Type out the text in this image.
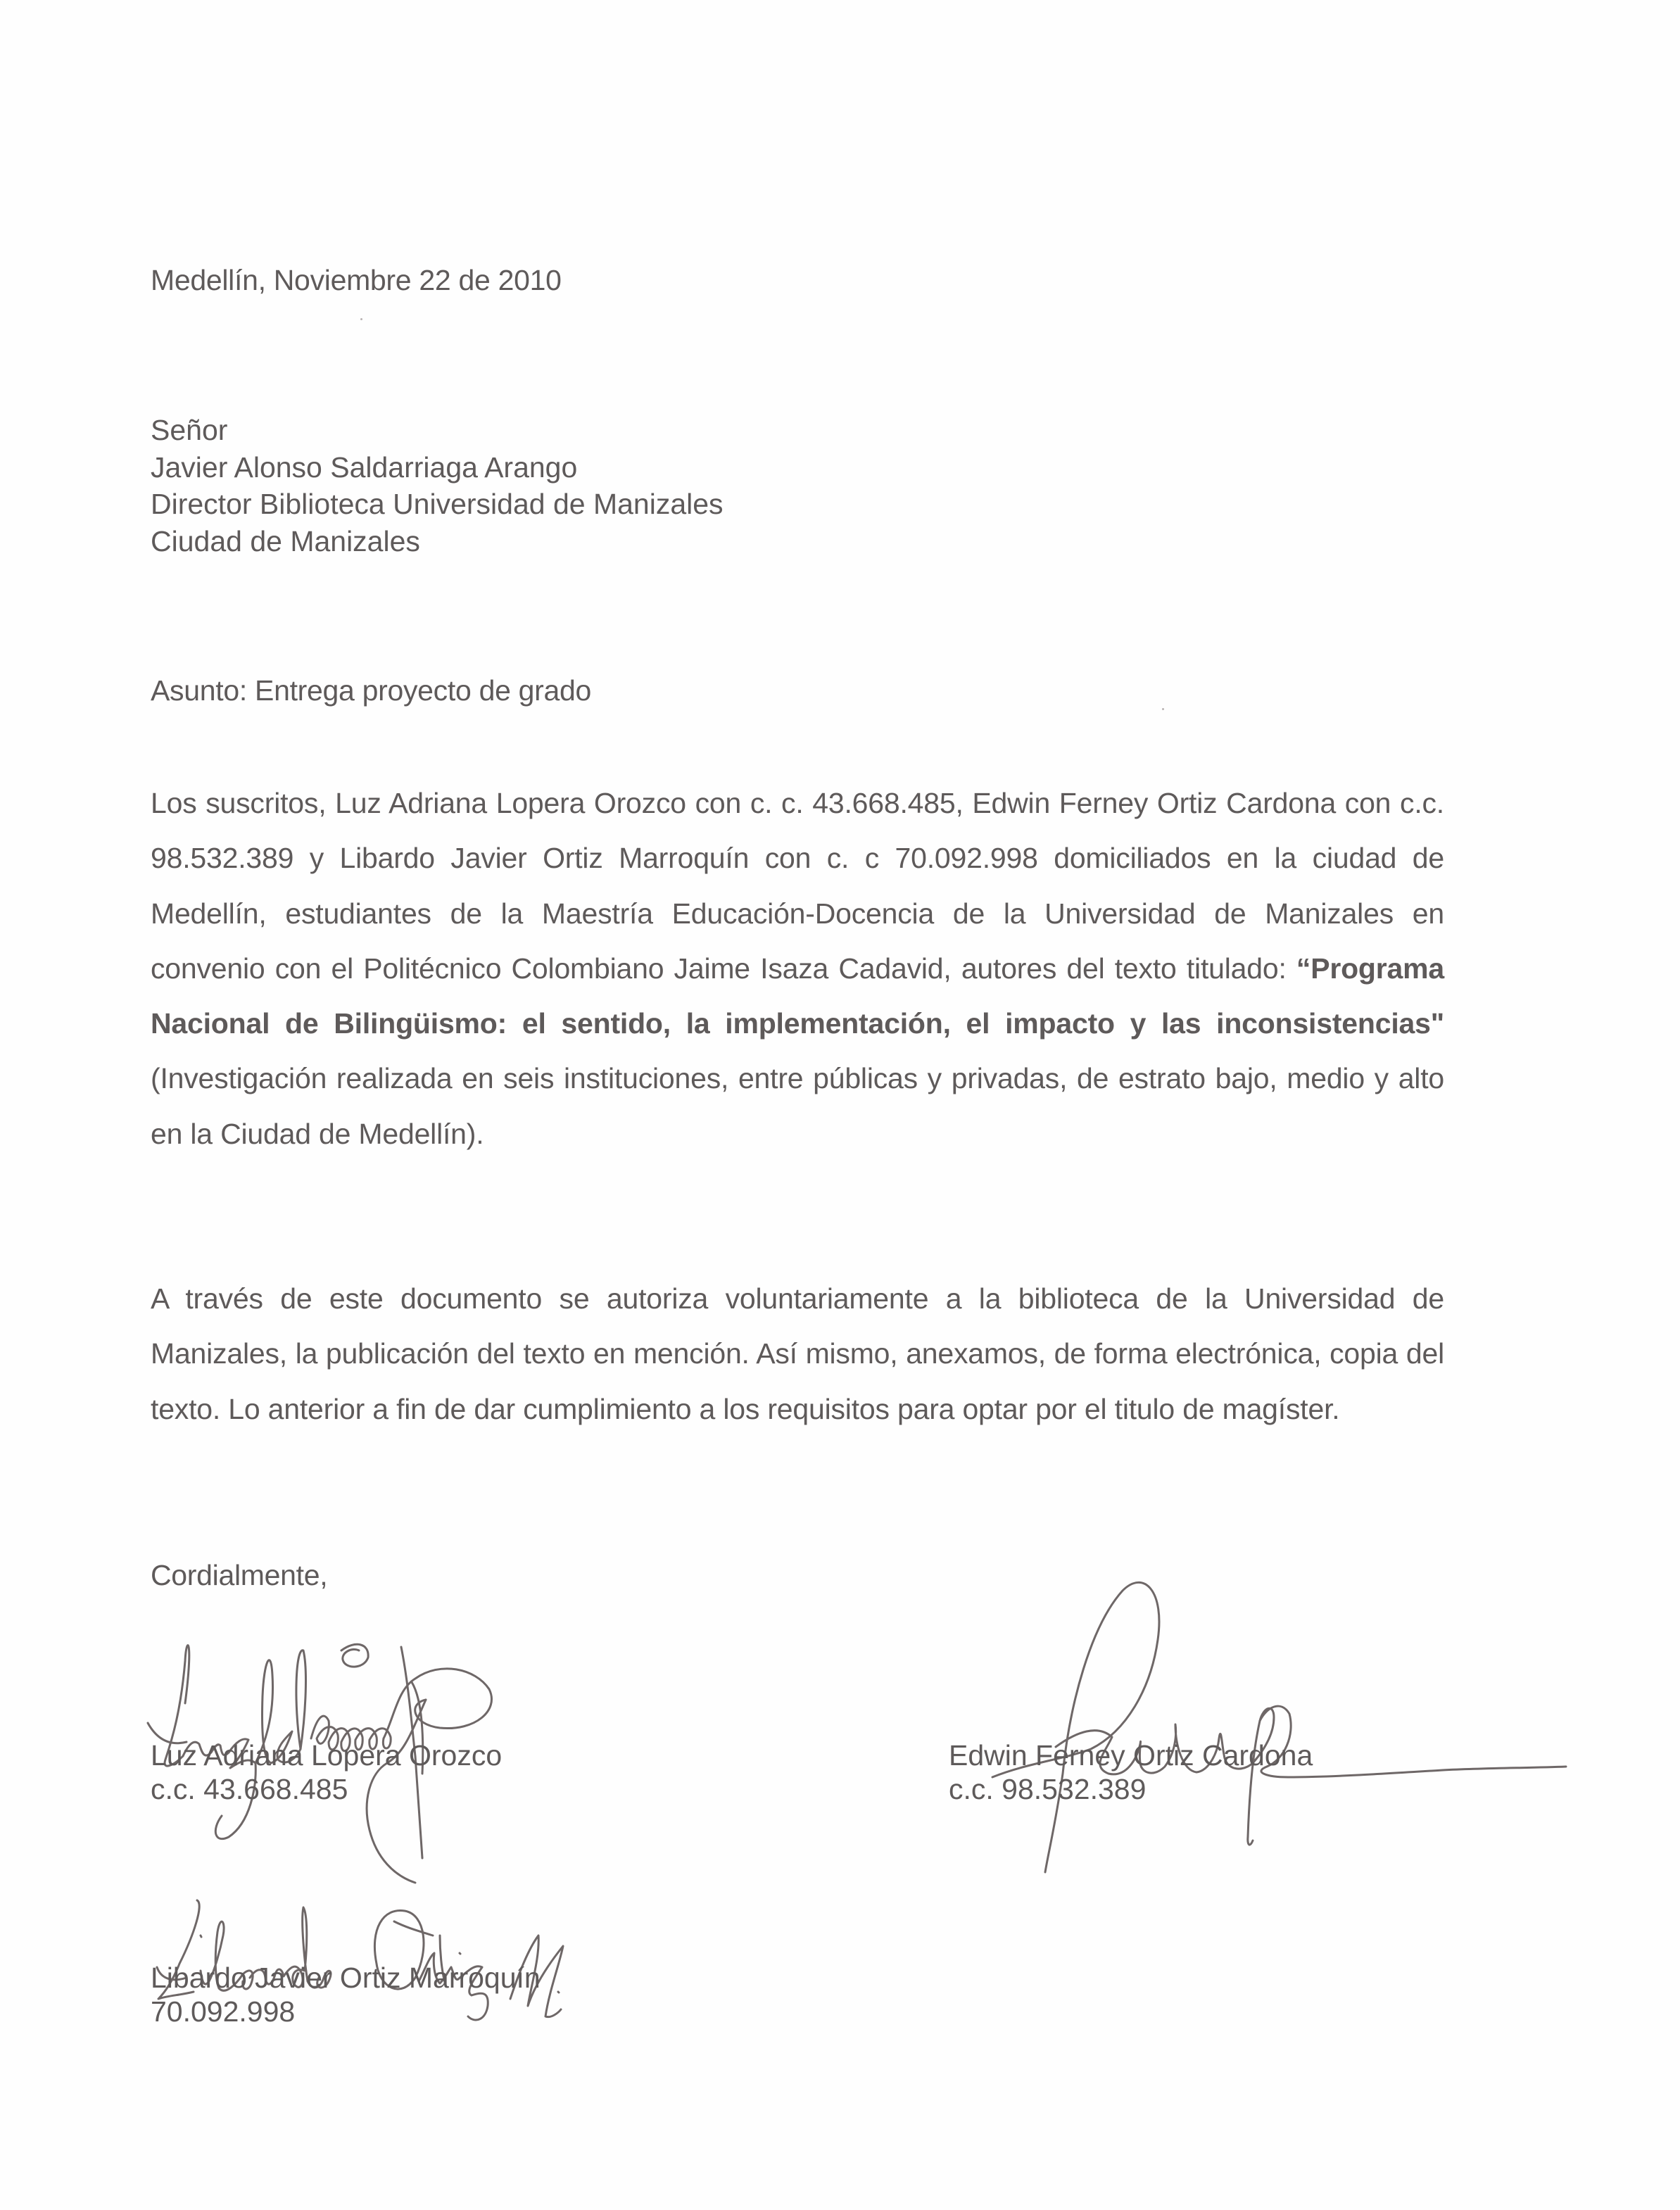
Medellín, Noviembre 22 de 2010
Señor
Javier Alonso Saldarriaga Arango
Director Biblioteca Universidad de Manizales
Ciudad de Manizales
Asunto: Entrega proyecto de grado
Los suscritos, Luz Adriana Lopera Orozco con c. c. 43.668.485, Edwin Ferney Ortiz Cardona con c.c. 98.532.389 y Libardo Javier Ortiz Marroquín con c. c 70.092.998 domiciliados en la ciudad de Medellín, estudiantes de la Maestría Educación-Docencia de la Universidad de Manizales en convenio con el Politécnico Colombiano Jaime Isaza Cadavid, autores del texto titulado: “Programa Nacional de Bilingüismo: el sentido, la implementación, el impacto y las inconsistencias" (Investigación realizada en seis instituciones, entre públicas y privadas, de estrato bajo, medio y alto en la Ciudad de Medellín).
A través de este documento se autoriza voluntariamente a la biblioteca de la Universidad de Manizales, la publicación del texto en mención. Así mismo, anexamos, de forma electrónica, copia del texto. Lo anterior a fin de dar cumplimiento a los requisitos para optar por el titulo de magíster.
Cordialmente,
Luz Adriana Lopera Orozco
c.c. 43.668.485
Edwin Ferney Ortiz Cardona
c.c. 98.532.389
Libardo Javier Ortiz Marroquín
70.092.998
